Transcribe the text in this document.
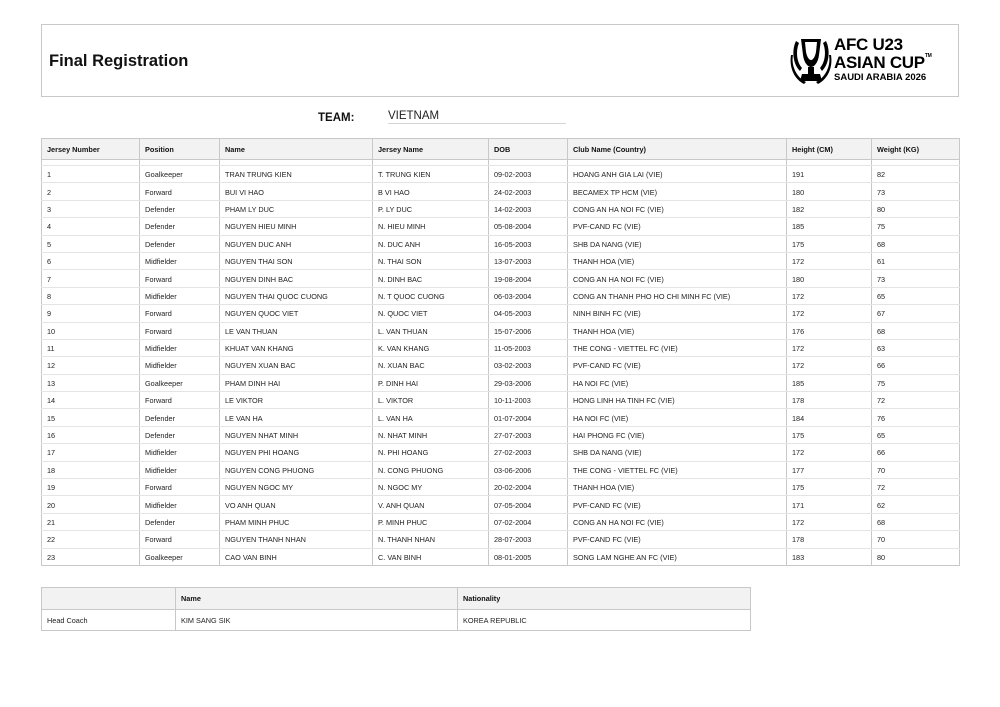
Final Registration
AFC U23
ASIAN CUP™
SAUDI ARABIA 2026
TEAM:	VIETNAM
Jersey Number	Position	Name	Jersey Name	DOB	Club Name (Country)	Height (CM)	Weight (KG)

1	Goalkeeper	TRAN TRUNG KIEN	T. TRUNG KIEN	09-02-2003	HOANG ANH GIA LAI (VIE)	191	82
2	Forward	BUI VI HAO	B VI HAO	24-02-2003	BECAMEX TP HCM (VIE)	180	73
3	Defender	PHAM LY DUC	P. LY DUC	14-02-2003	CONG AN HA NOI FC (VIE)	182	80
4	Defender	NGUYEN HIEU MINH	N. HIEU MINH	05-08-2004	PVF-CAND FC (VIE)	185	75
5	Defender	NGUYEN DUC ANH	N. DUC ANH	16-05-2003	SHB DA NANG (VIE)	175	68
6	Midfielder	NGUYEN THAI SON	N. THAI SON	13-07-2003	THANH HOA (VIE)	172	61
7	Forward	NGUYEN DINH BAC	N. DINH BAC	19-08-2004	CONG AN HA NOI FC (VIE)	180	73
8	Midfielder	NGUYEN THAI QUOC CUONG	N. T QUOC CUONG	06-03-2004	CONG AN THANH PHO HO CHI MINH FC (VIE)	172	65
9	Forward	NGUYEN QUOC VIET	N. QUOC VIET	04-05-2003	NINH BINH FC (VIE)	172	67
10	Forward	LE VAN THUAN	L. VAN THUAN	15-07-2006	THANH HOA (VIE)	176	68
11	Midfielder	KHUAT VAN KHANG	K. VAN KHANG	11-05-2003	THE CONG - VIETTEL FC (VIE)	172	63
12	Midfielder	NGUYEN XUAN BAC	N. XUAN BAC	03-02-2003	PVF-CAND FC (VIE)	172	66
13	Goalkeeper	PHAM DINH HAI	P. DINH HAI	29-03-2006	HA NOI FC (VIE)	185	75
14	Forward	LE VIKTOR	L. VIKTOR	10-11-2003	HONG LINH HA TINH FC (VIE)	178	72
15	Defender	LE VAN HA	L. VAN HA	01-07-2004	HA NOI FC (VIE)	184	76
16	Defender	NGUYEN NHAT MINH	N. NHAT MINH	27-07-2003	HAI PHONG FC (VIE)	175	65
17	Midfielder	NGUYEN PHI HOANG	N. PHI HOANG	27-02-2003	SHB DA NANG (VIE)	172	66
18	Midfielder	NGUYEN CONG PHUONG	N. CONG PHUONG	03-06-2006	THE CONG - VIETTEL FC (VIE)	177	70
19	Forward	NGUYEN NGOC MY	N. NGOC MY	20-02-2004	THANH HOA (VIE)	175	72
20	Midfielder	VO ANH QUAN	V. ANH QUAN	07-05-2004	PVF-CAND FC (VIE)	171	62
21	Defender	PHAM MINH PHUC	P. MINH PHUC	07-02-2004	CONG AN HA NOI FC (VIE)	172	68
22	Forward	NGUYEN THANH NHAN	N. THANH NHAN	28-07-2003	PVF-CAND FC (VIE)	178	70
23	Goalkeeper	CAO VAN BINH	C. VAN BINH	08-01-2005	SONG LAM NGHE AN FC (VIE)	183	80
	Name	Nationality
Head Coach	KIM SANG SIK	KOREA REPUBLIC
